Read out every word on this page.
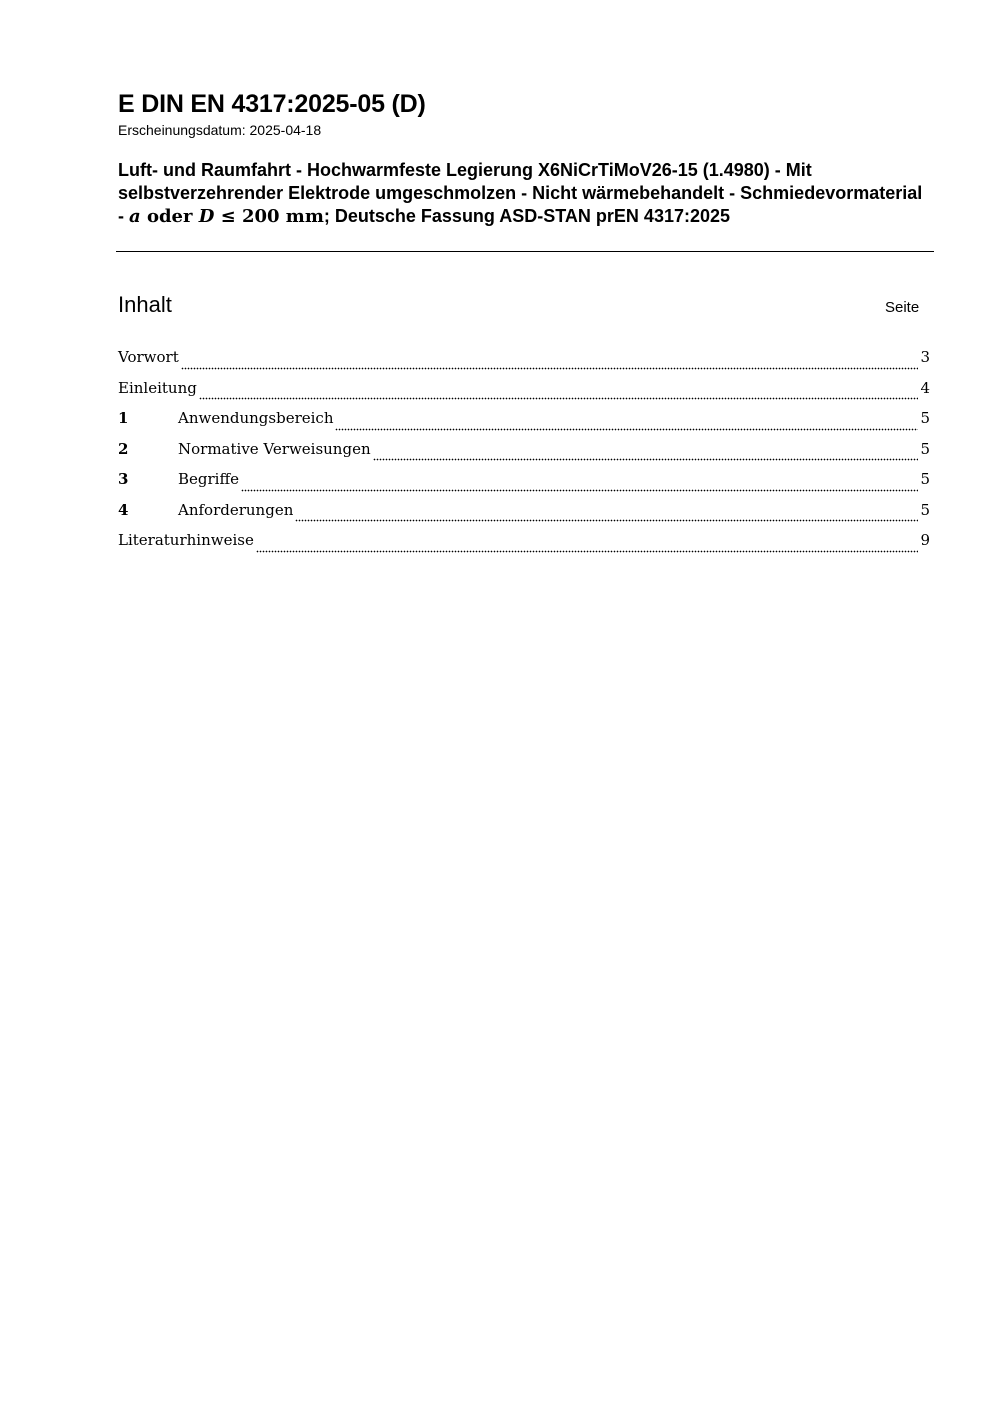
E DIN EN 4317:2025-05 (D)
Erscheinungsdatum: 2025-04-18
Luft- und Raumfahrt - Hochwarmfeste Legierung X6NiCrTiMoV26-15 (1.4980) - Mit selbstverzehrender Elektrode umgeschmolzen - Nicht wärmebehandelt - Schmiedevormaterial - a oder D ≤ 200 mm; Deutsche Fassung ASD-STAN prEN 4317:2025
Inhalt	Seite
Vorwort	3
Einleitung	4
1	Anwendungsbereich	5
2	Normative Verweisungen	5
3	Begriffe	5
4	Anforderungen	5
Literaturhinweise	9
